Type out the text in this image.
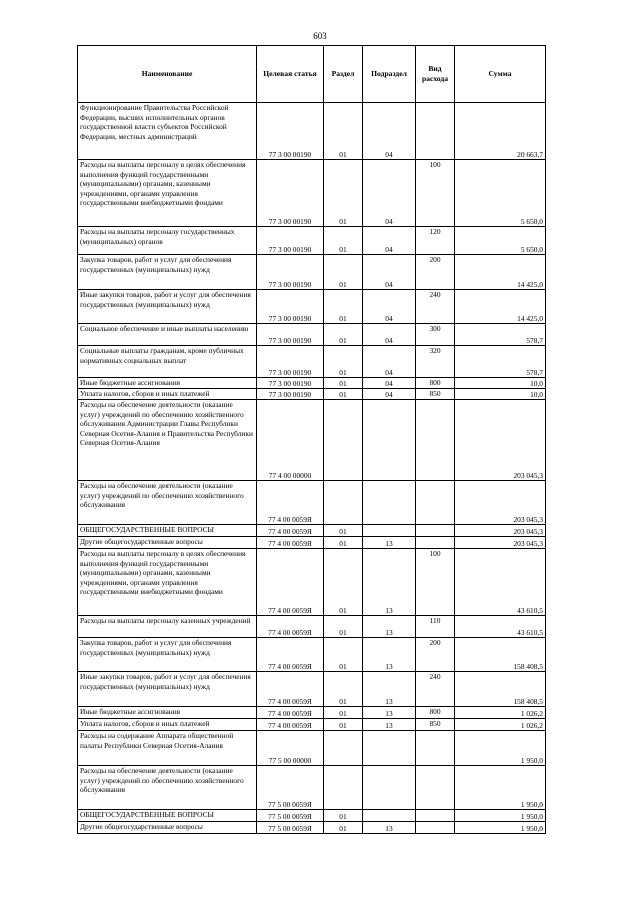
603
Наименование	Целевая статья	Раздел	Подраздел	Вид расхода	Сумма
Функционирование Правительства Российской Федерации, высших исполнительных органов государственной власти субъектов Российской Федерации, местных администраций	77 3 00 00190	01	04		20 663,7
Расходы на выплаты персоналу в целях обеспечения выполнения функций государственными (муниципальными) органами, казенными учреждениями, органами управления государственными внебюджетными фондами	77 3 00 00190	01	04	100	5 650,0
Расходы на выплаты персоналу государственных (муниципальных) органов	77 3 00 00190	01	04	120	5 650,0
Закупка товаров, работ и услуг для обеспечения государственных (муниципальных) нужд	77 3 00 00190	01	04	200	14 425,0
Иные закупки товаров, работ и услуг для обеспечения государственных (муниципальных) нужд	77 3 00 00190	01	04	240	14 425,0
Социальное обеспечение и иные выплаты населению	77 3 00 00190	01	04	300	578,7
Социальные выплаты гражданам, кроме публичных нормативных социальных выплат	77 3 00 00190	01	04	320	578,7
Иные бюджетные ассигнования	77 3 00 00190	01	04	800	10,0
Уплата налогов, сборов и иных платежей	77 3 00 00190	01	04	850	10,0
Расходы на обеспечение деятельности (оказание услуг) учреждений по обеспечению хозяйственного обслуживания Администрации Главы Республики Северная Осетия-Алания и Правительства Республики Северная Осетия-Алания	77 4 00 00000				203 045,3
Расходы на обеспечение деятельности (оказание услуг) учреждений по обеспечению хозяйственного обслуживания	77 4 00 0059Я				203 045,3
ОБЩЕГОСУДАРСТВЕННЫЕ ВОПРОСЫ	77 4 00 0059Я	01			203 045,3
Другие общегосударственные вопросы	77 4 00 0059Я	01	13		203 045,3
Расходы на выплаты персоналу в целях обеспечения выполнения функций государственными (муниципальными) органами, казенными учреждениями, органами управления государственными внебюджетными фондами	77 4 00 0059Я	01	13	100	43 610,5
Расходы на выплаты персоналу казенных учреждений	77 4 00 0059Я	01	13	110	43 610,5
Закупка товаров, работ и услуг для обеспечения государственных (муниципальных) нужд	77 4 00 0059Я	01	13	200	158 408,5
Иные закупки товаров, работ и услуг для обеспечения государственных (муниципальных) нужд	77 4 00 0059Я	01	13	240	158 408,5
Иные бюджетные ассигнования	77 4 00 0059Я	01	13	800	1 026,2
Уплата налогов, сборов и иных платежей	77 4 00 0059Я	01	13	850	1 026,2
Расходы на содержание Аппарата общественной палаты Республики Северная Осетия-Алания	77 5 00 00000				1 950,0
Расходы на обеспечение деятельности (оказание услуг) учреждений по обеспечению хозяйственного обслуживания	77 5 00 0059Я				1 950,0
ОБЩЕГОСУДАРСТВЕННЫЕ ВОПРОСЫ	77 5 00 0059Я	01			1 950,0
Другие общегосударственные вопросы	77 5 00 0059Я	01	13		1 950,0
